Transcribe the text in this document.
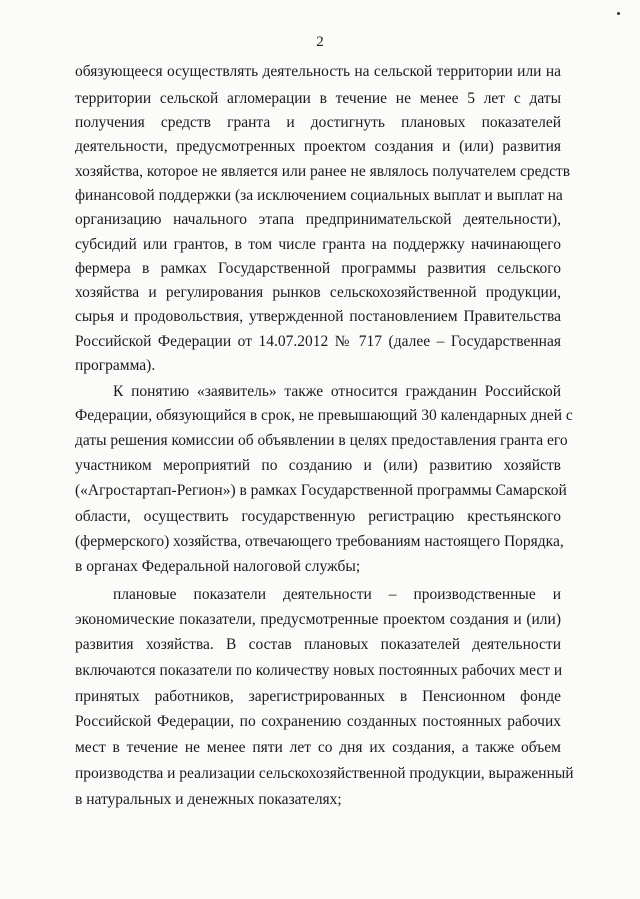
2
обязующееся осуществлять деятельность на сельской территории или на
территории сельской агломерации в течение не менее 5 лет с даты
получения средств гранта и достигнуть плановых показателей
деятельности, предусмотренных проектом создания и (или) развития
хозяйства, которое не является или ранее не являлось получателем средств
финансовой поддержки (за исключением социальных выплат и выплат на
организацию начального этапа предпринимательской деятельности),
субсидий или грантов, в том числе гранта на поддержку начинающего
фермера в рамках Государственной программы развития сельского
хозяйства и регулирования рынков сельскохозяйственной продукции,
сырья и продовольствия, утвержденной постановлением Правительства
Российской Федерации от 14.07.2012 № 717 (далее – Государственная
программа).
К понятию «заявитель» также относится гражданин Российской
Федерации, обязующийся в срок, не превышающий 30 календарных дней с
даты решения комиссии об объявлении в целях предоставления гранта его
участником мероприятий по созданию и (или) развитию хозяйств
(«Агростартап-Регион») в рамках Государственной программы Самарской
области, осуществить государственную регистрацию крестьянского
(фермерского) хозяйства, отвечающего требованиям настоящего Порядка,
в органах Федеральной налоговой службы;
плановые показатели деятельности – производственные и
экономические показатели, предусмотренные проектом создания и (или)
развития хозяйства. В состав плановых показателей деятельности
включаются показатели по количеству новых постоянных рабочих мест и
принятых работников, зарегистрированных в Пенсионном фонде
Российской Федерации, по сохранению созданных постоянных рабочих
мест в течение не менее пяти лет со дня их создания, а также объем
производства и реализации сельскохозяйственной продукции, выраженный
в натуральных и денежных показателях;
